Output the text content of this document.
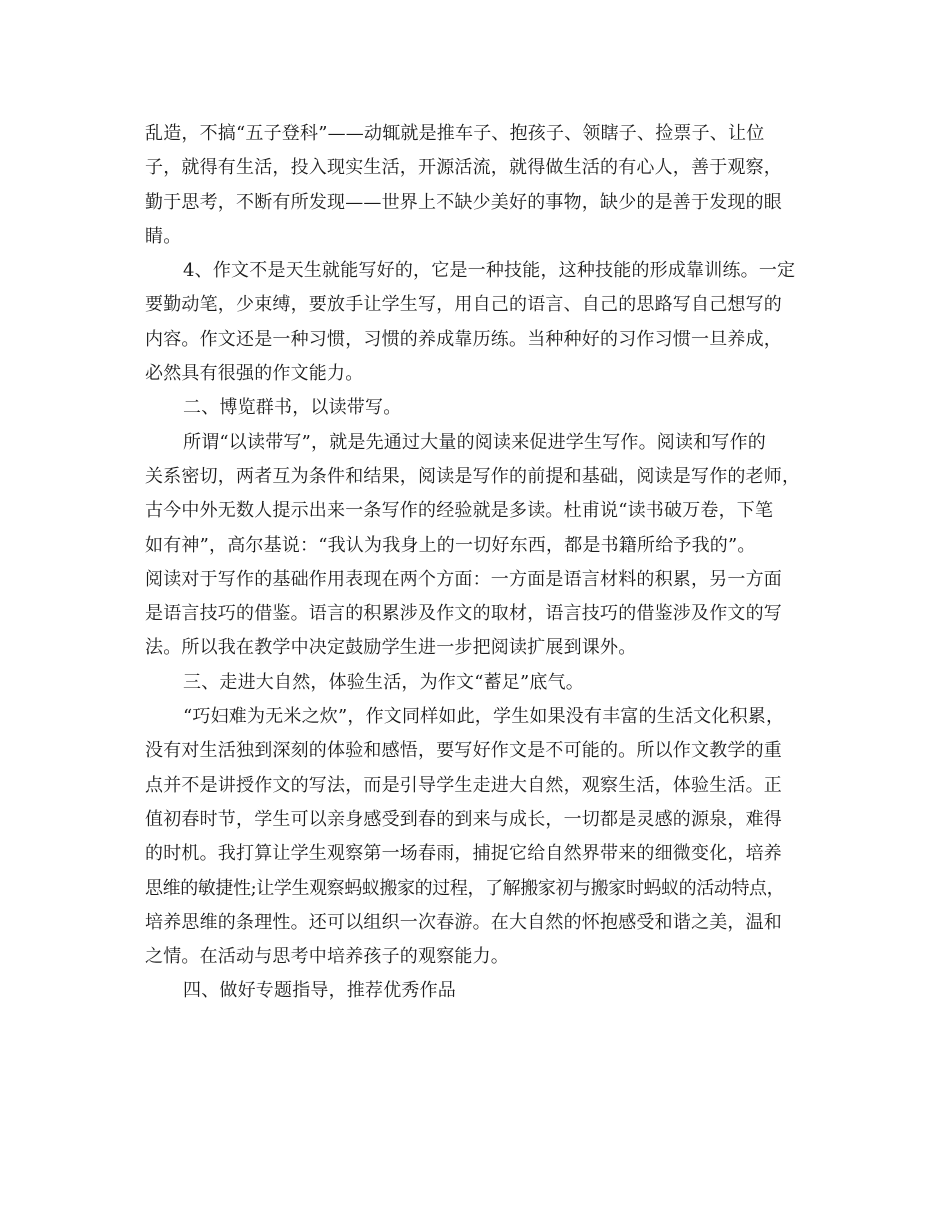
乱造，不搞“五子登科”——动辄就是推车子、抱孩子、领瞎子、捡票子、让位
子，就得有生活，投入现实生活，开源活流，就得做生活的有心人，善于观察，
勤于思考，不断有所发现——世界上不缺少美好的事物，缺少的是善于发现的眼
睛。
4、作文不是天生就能写好的，它是一种技能，这种技能的形成靠训练。一定
要勤动笔，少束缚，要放手让学生写，用自己的语言、自己的思路写自己想写的
内容。作文还是一种习惯，习惯的养成靠历练。当种种好的习作习惯一旦养成，
必然具有很强的作文能力。
二、博览群书，以读带写。
所谓“以读带写”，就是先通过大量的阅读来促进学生写作。阅读和写作的
关系密切，两者互为条件和结果，阅读是写作的前提和基础，阅读是写作的老师，
古今中外无数人提示出来一条写作的经验就是多读。杜甫说“读书破万卷，下笔
如有神”，高尔基说：“我认为我身上的一切好东西，都是书籍所给予我的”。
阅读对于写作的基础作用表现在两个方面：一方面是语言材料的积累，另一方面
是语言技巧的借鉴。语言的积累涉及作文的取材，语言技巧的借鉴涉及作文的写
法。所以我在教学中决定鼓励学生进一步把阅读扩展到课外。
三、走进大自然，体验生活，为作文“蓄足”底气。
“巧妇难为无米之炊”，作文同样如此，学生如果没有丰富的生活文化积累，
没有对生活独到深刻的体验和感悟，要写好作文是不可能的。所以作文教学的重
点并不是讲授作文的写法，而是引导学生走进大自然，观察生活，体验生活。正
值初春时节，学生可以亲身感受到春的到来与成长，一切都是灵感的源泉，难得
的时机。我打算让学生观察第一场春雨，捕捉它给自然界带来的细微变化，培养
思维的敏捷性;让学生观察蚂蚁搬家的过程，了解搬家初与搬家时蚂蚁的活动特点，
培养思维的条理性。还可以组织一次春游。在大自然的怀抱感受和谐之美，温和
之情。在活动与思考中培养孩子的观察能力。
四、做好专题指导，推荐优秀作品
